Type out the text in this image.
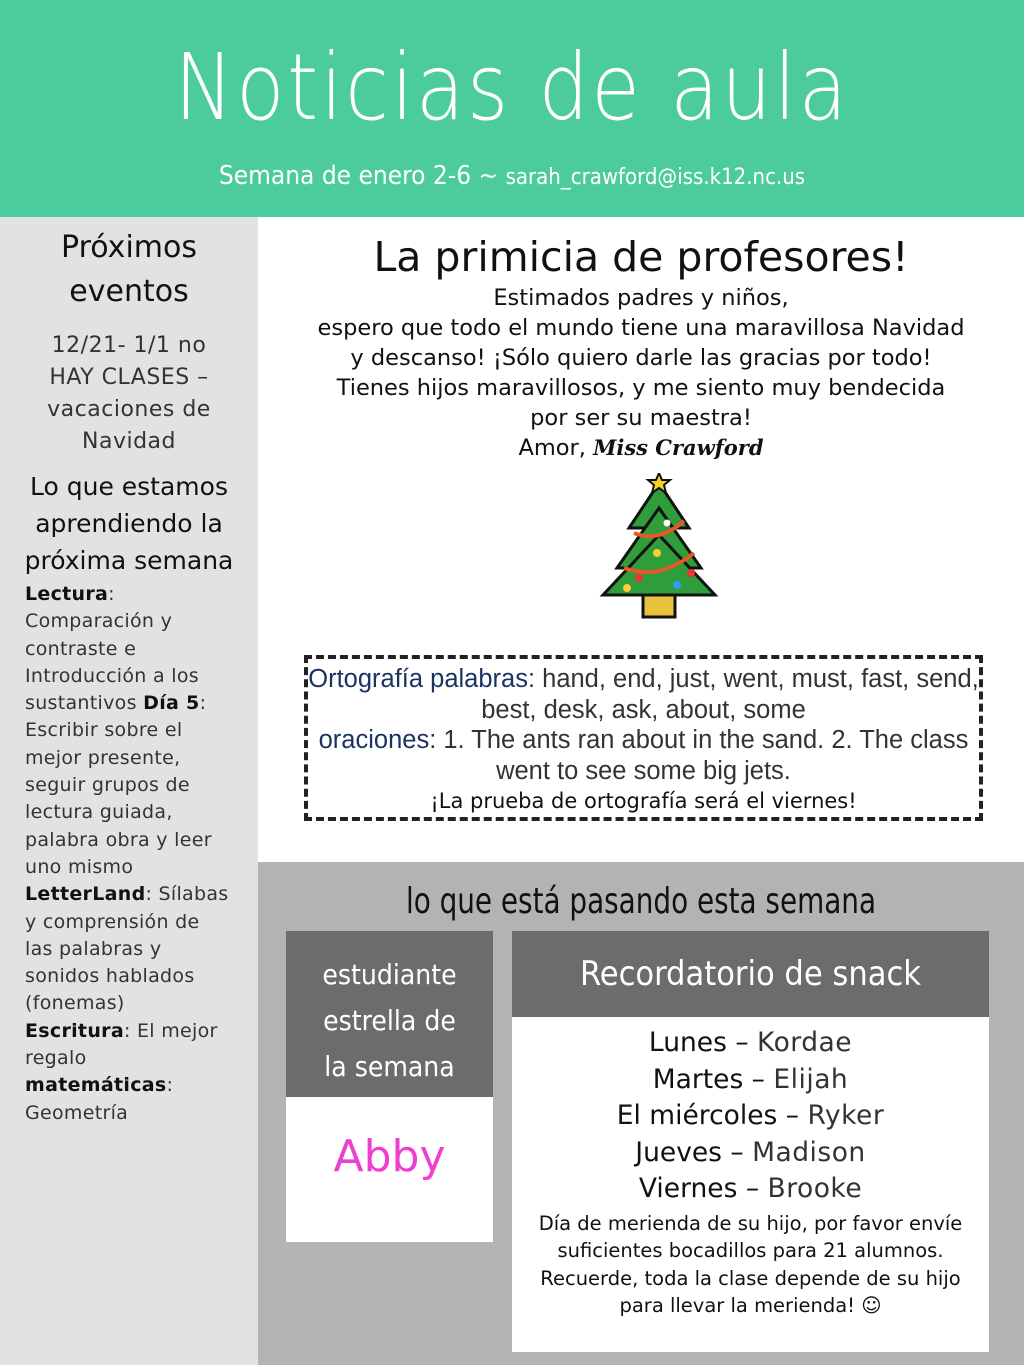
Noticias de aula
Semana de enero 2-6 ~ sarah_crawford@iss.k12.nc.us
Próximos eventos
12/21- 1/1 no
HAY CLASES –
vacaciones de
Navidad
Lo que estamos aprendiendo la próxima semana
Lectura: Comparación y contraste e Introducción a los sustantivos Día 5: Escribir sobre el mejor presente, seguir grupos de lectura guiada, palabra obra y leer uno mismo LetterLand: Sílabas y comprensión de las palabras y sonidos hablados (fonemas) Escritura: El mejor regalo matemáticas: Geometría
La primicia de profesores!
Estimados padres y niños,
espero que todo el mundo tiene una maravillosa Navidad
y descanso! ¡Sólo quiero darle las gracias por todo!
Tienes hijos maravillosos, y me siento muy bendecida
por ser su maestra!
Amor, Miss Crawford
Ortografía palabras: hand, end, just, went, must, fast, send, best, desk, ask, about, some
oraciones: 1. The ants ran about in the sand. 2. The class went to see some big jets.
¡La prueba de ortografía será el viernes!
lo que está pasando esta semana
estudiante estrella de la semana
Abby
Recordatorio de snack
Lunes – Kordae
Martes – Elijah
El miércoles – Ryker
Jueves – Madison
Viernes – Brooke
Día de merienda de su hijo, por favor envíe suficientes bocadillos para 21 alumnos. Recuerde, toda la clase depende de su hijo para llevar la merienda! ☺
